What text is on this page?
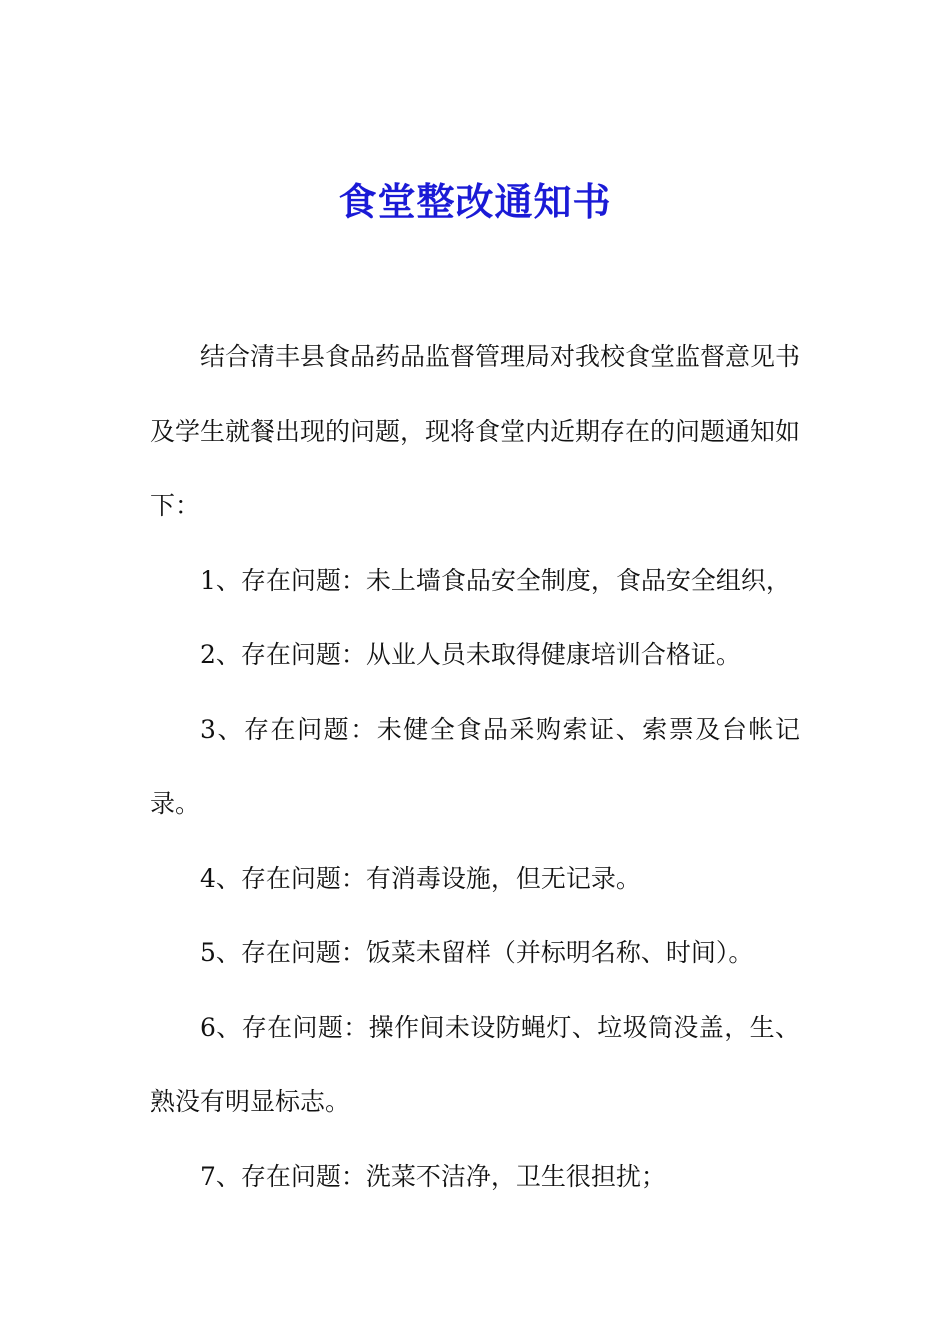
食堂整改通知书

结合清丰县食品药品监督管理局对我校食堂监督意见书及学生就餐出现的问题，现将食堂内近期存在的问题通知如下：

1、存在问题：未上墙食品安全制度，食品安全组织，

2、存在问题：从业人员未取得健康培训合格证。

3、存在问题：未健全食品采购索证、索票及台帐记录。

4、存在问题：有消毒设施，但无记录。

5、存在问题：饭菜未留样（并标明名称、时间）。

6、存在问题：操作间未设防蝇灯、垃圾筒没盖，生、熟没有明显标志。

7、存在问题：洗菜不洁净，卫生很担扰；
